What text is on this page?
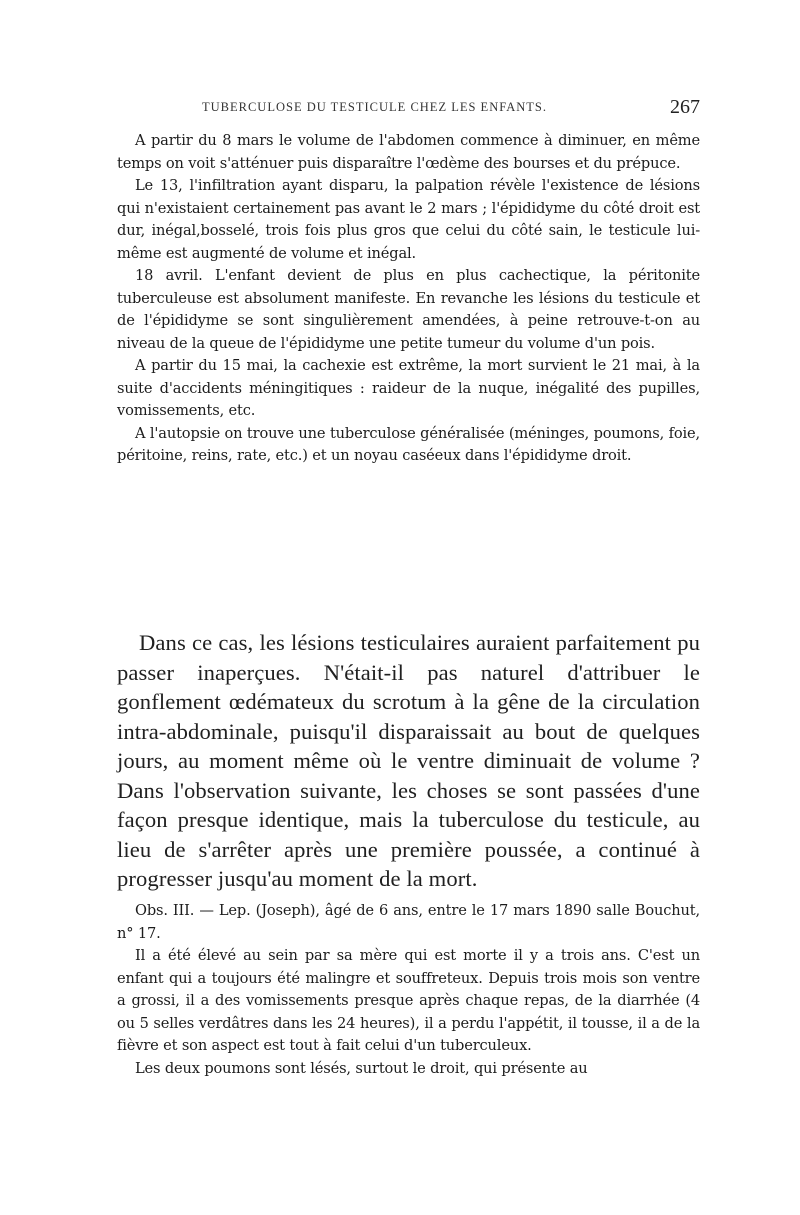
TUBERCULOSE DU TESTICULE CHEZ LES ENFANTS.	267

A partir du 8 mars le volume de l'abdomen commence à diminuer, en même temps on voit s'atténuer puis disparaître l'œdème des bourses et du prépuce.

Le 13, l'infiltration ayant disparu, la palpation révèle l'existence de lésions qui n'existaient certainement pas avant le 2 mars ; l'épididyme du côté droit est dur, inégal,bosselé, trois fois plus gros que celui du côté sain, le testicule lui-même est augmenté de volume et inégal.

18 avril. L'enfant devient de plus en plus cachectique, la péritonite tuberculeuse est absolument manifeste. En revanche les lésions du testicule et de l'épididyme se sont singulièrement amendées, à peine retrouve-t-on au niveau de la queue de l'épididyme une petite tumeur du volume d'un pois.

A partir du 15 mai, la cachexie est extrême, la mort survient le 21 mai, à la suite d'accidents méningitiques : raideur de la nuque, inégalité des pupilles, vomissements, etc.

A l'autopsie on trouve une tuberculose généralisée (méninges, poumons, foie, péritoine, reins, rate, etc.) et un noyau caséeux dans l'épididyme droit.

Dans ce cas, les lésions testiculaires auraient parfaitement pu passer inaperçues. N'était-il pas naturel d'attribuer le gonflement œdémateux du scrotum à la gêne de la circulation intra-abdominale, puisqu'il disparaissait au bout de quelques jours, au moment même où le ventre diminuait de volume ? Dans l'observation suivante, les choses se sont passées d'une façon presque identique, mais la tuberculose du testicule, au lieu de s'arrêter après une première poussée, a continué à progresser jusqu'au moment de la mort.

Obs. III. — Lep. (Joseph), âgé de 6 ans, entre le 17 mars 1890 salle Bouchut, n° 17.

Il a été élevé au sein par sa mère qui est morte il y a trois ans. C'est un enfant qui a toujours été malingre et souffreteux. Depuis trois mois son ventre a grossi, il a des vomissements presque après chaque repas, de la diarrhée (4 ou 5 selles verdâtres dans les 24 heures), il a perdu l'appétit, il tousse, il a de la fièvre et son aspect est tout à fait celui d'un tuberculeux.

Les deux poumons sont lésés, surtout le droit, qui présente au
